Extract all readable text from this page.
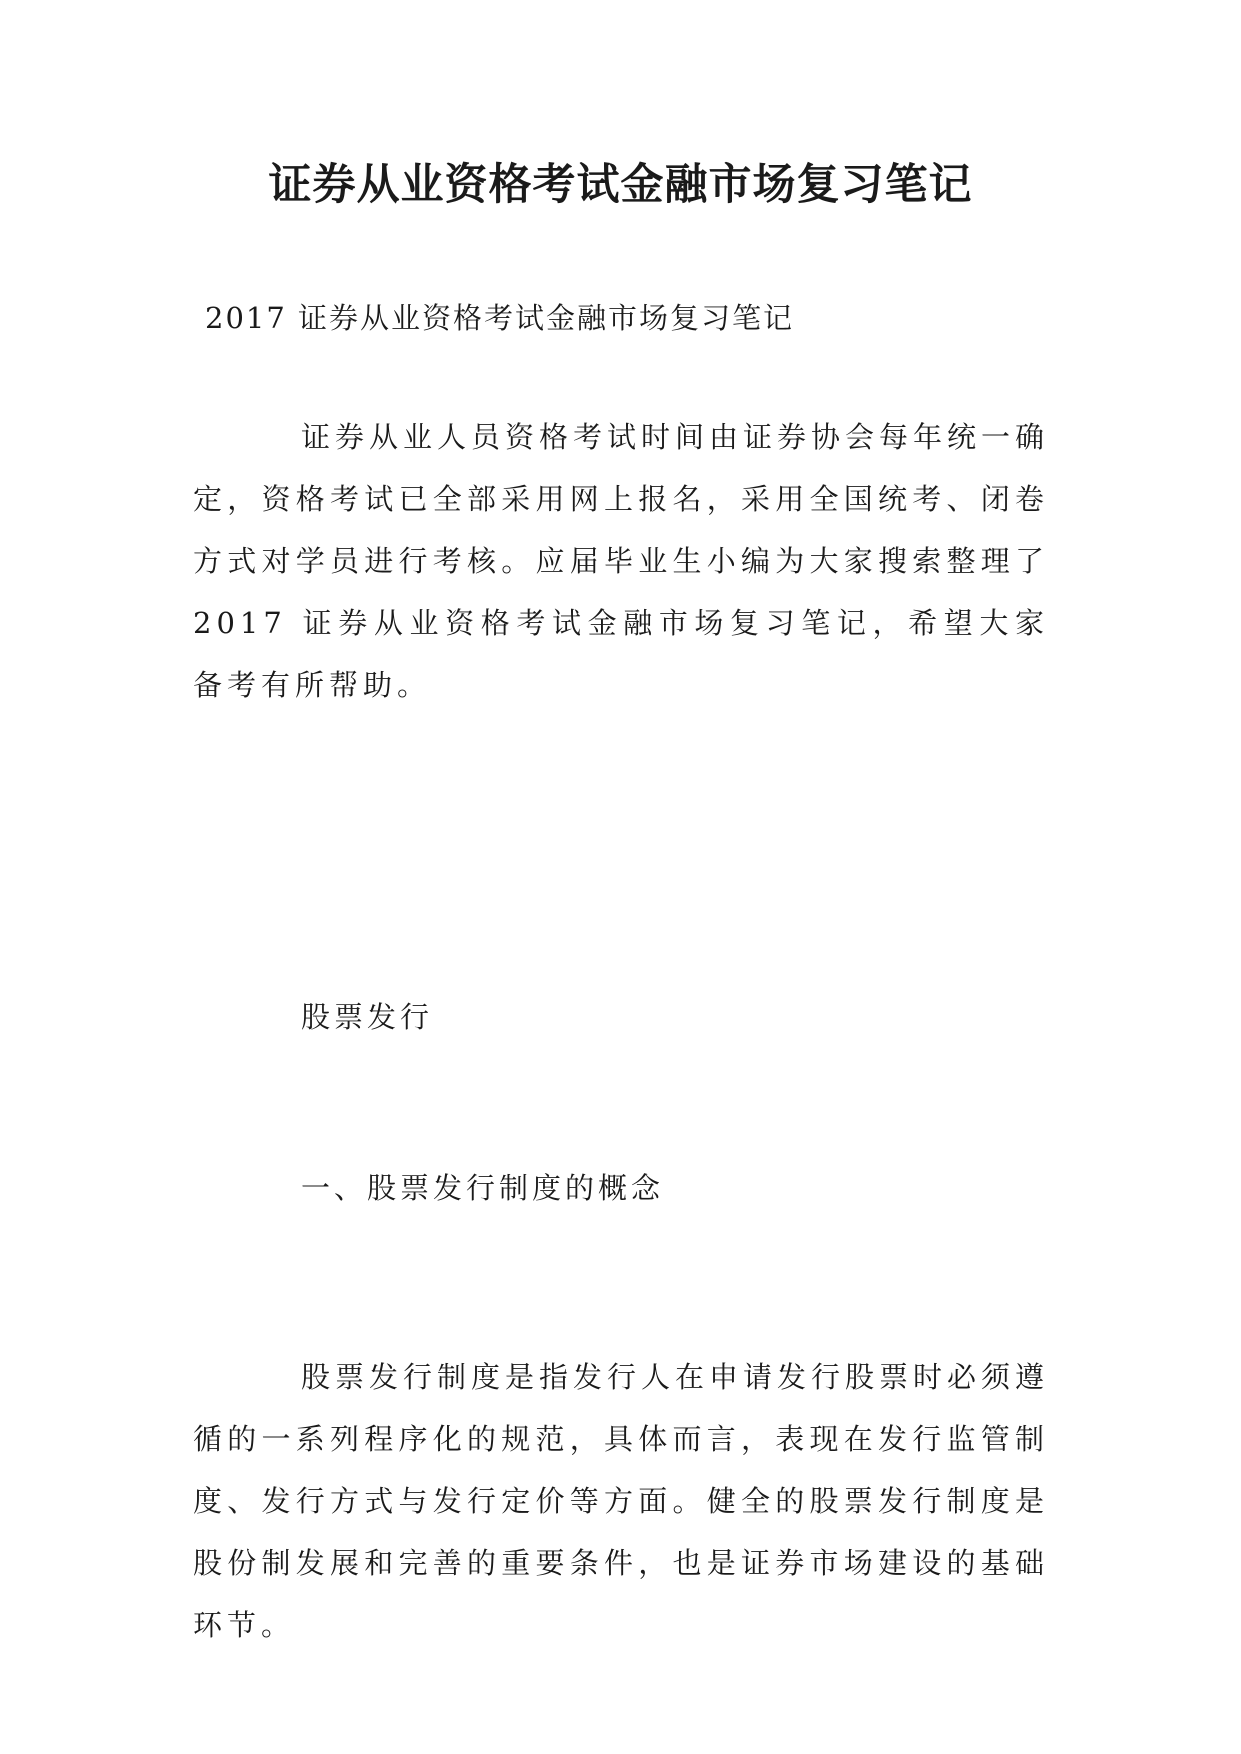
证券从业资格考试金融市场复习笔记
2017 证券从业资格考试金融市场复习笔记

证券从业人员资格考试时间由证券协会每年统一确定，资格考试已全部采用网上报名，采用全国统考、闭卷方式对学员进行考核。应届毕业生小编为大家搜索整理了 2017 证券从业资格考试金融市场复习笔记，希望大家备考有所帮助。

股票发行
一、股票发行制度的概念

股票发行制度是指发行人在申请发行股票时必须遵循的一系列程序化的规范，具体而言，表现在发行监管制度、发行方式与发行定价等方面。健全的股票发行制度是股份制发展和完善的重要条件，也是证券市场建设的基础环节。
